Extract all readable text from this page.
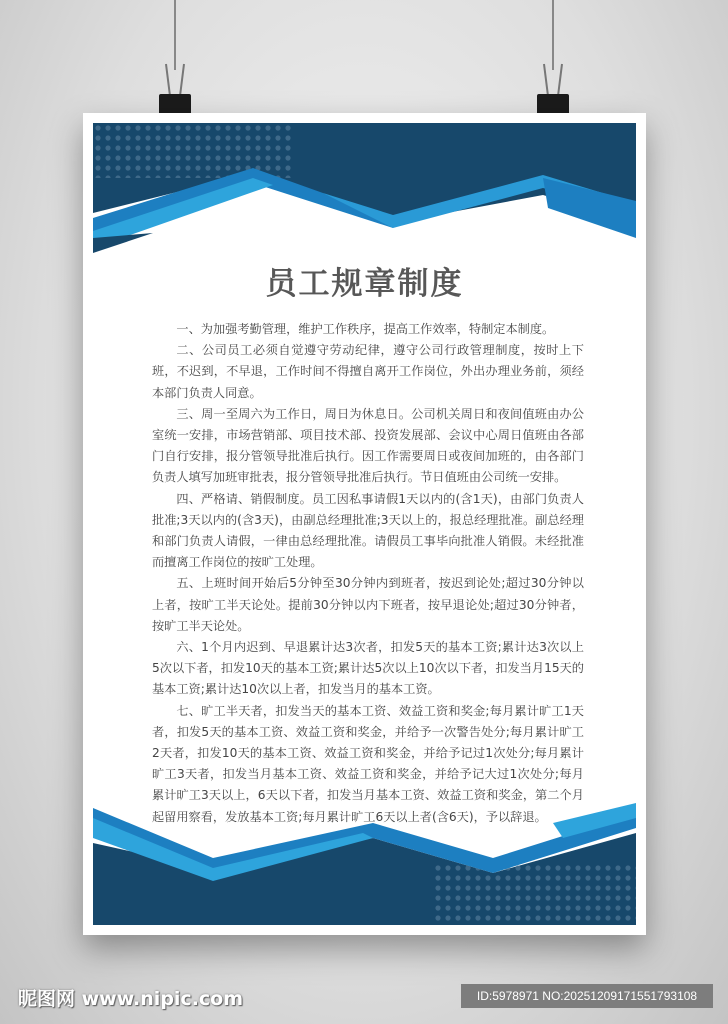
员工规章制度

一、为加强考勤管理，维护工作秩序，提高工作效率，特制定本制度。

二、公司员工必须自觉遵守劳动纪律，遵守公司行政管理制度，按时上下班，不迟到，不早退，工作时间不得擅自离开工作岗位，外出办理业务前，须经本部门负责人同意。

三、周一至周六为工作日，周日为休息日。公司机关周日和夜间值班由办公室统一安排，市场营销部、项目技术部、投资发展部、会议中心周日值班由各部门自行安排，报分管领导批准后执行。因工作需要周日或夜间加班的，由各部门负责人填写加班审批表，报分管领导批准后执行。节日值班由公司统一安排。

四、严格请、销假制度。员工因私事请假1天以内的(含1天)，由部门负责人批准;3天以内的(含3天)，由副总经理批准;3天以上的，报总经理批准。副总经理和部门负责人请假，一律由总经理批准。请假员工事毕向批准人销假。未经批准而擅离工作岗位的按旷工处理。

五、上班时间开始后5分钟至30分钟内到班者，按迟到论处;超过30分钟以上者，按旷工半天论处。提前30分钟以内下班者，按早退论处;超过30分钟者，按旷工半天论处。

六、1个月内迟到、早退累计达3次者，扣发5天的基本工资;累计达3次以上5次以下者，扣发10天的基本工资;累计达5次以上10次以下者，扣发当月15天的基本工资;累计达10次以上者，扣发当月的基本工资。

七、旷工半天者，扣发当天的基本工资、效益工资和奖金;每月累计旷工1天者，扣发5天的基本工资、效益工资和奖金，并给予一次警告处分;每月累计旷工2天者，扣发10天的基本工资、效益工资和奖金，并给予记过1次处分;每月累计旷工3天者，扣发当月基本工资、效益工资和奖金，并给予记大过1次处分;每月累计旷工3天以上，6天以下者，扣发当月基本工资、效益工资和奖金，第二个月起留用察看，发放基本工资;每月累计旷工6天以上者(含6天)，予以辞退。

昵图网 www.nipic.com	ID:5978971 NO:20251209171551793108
